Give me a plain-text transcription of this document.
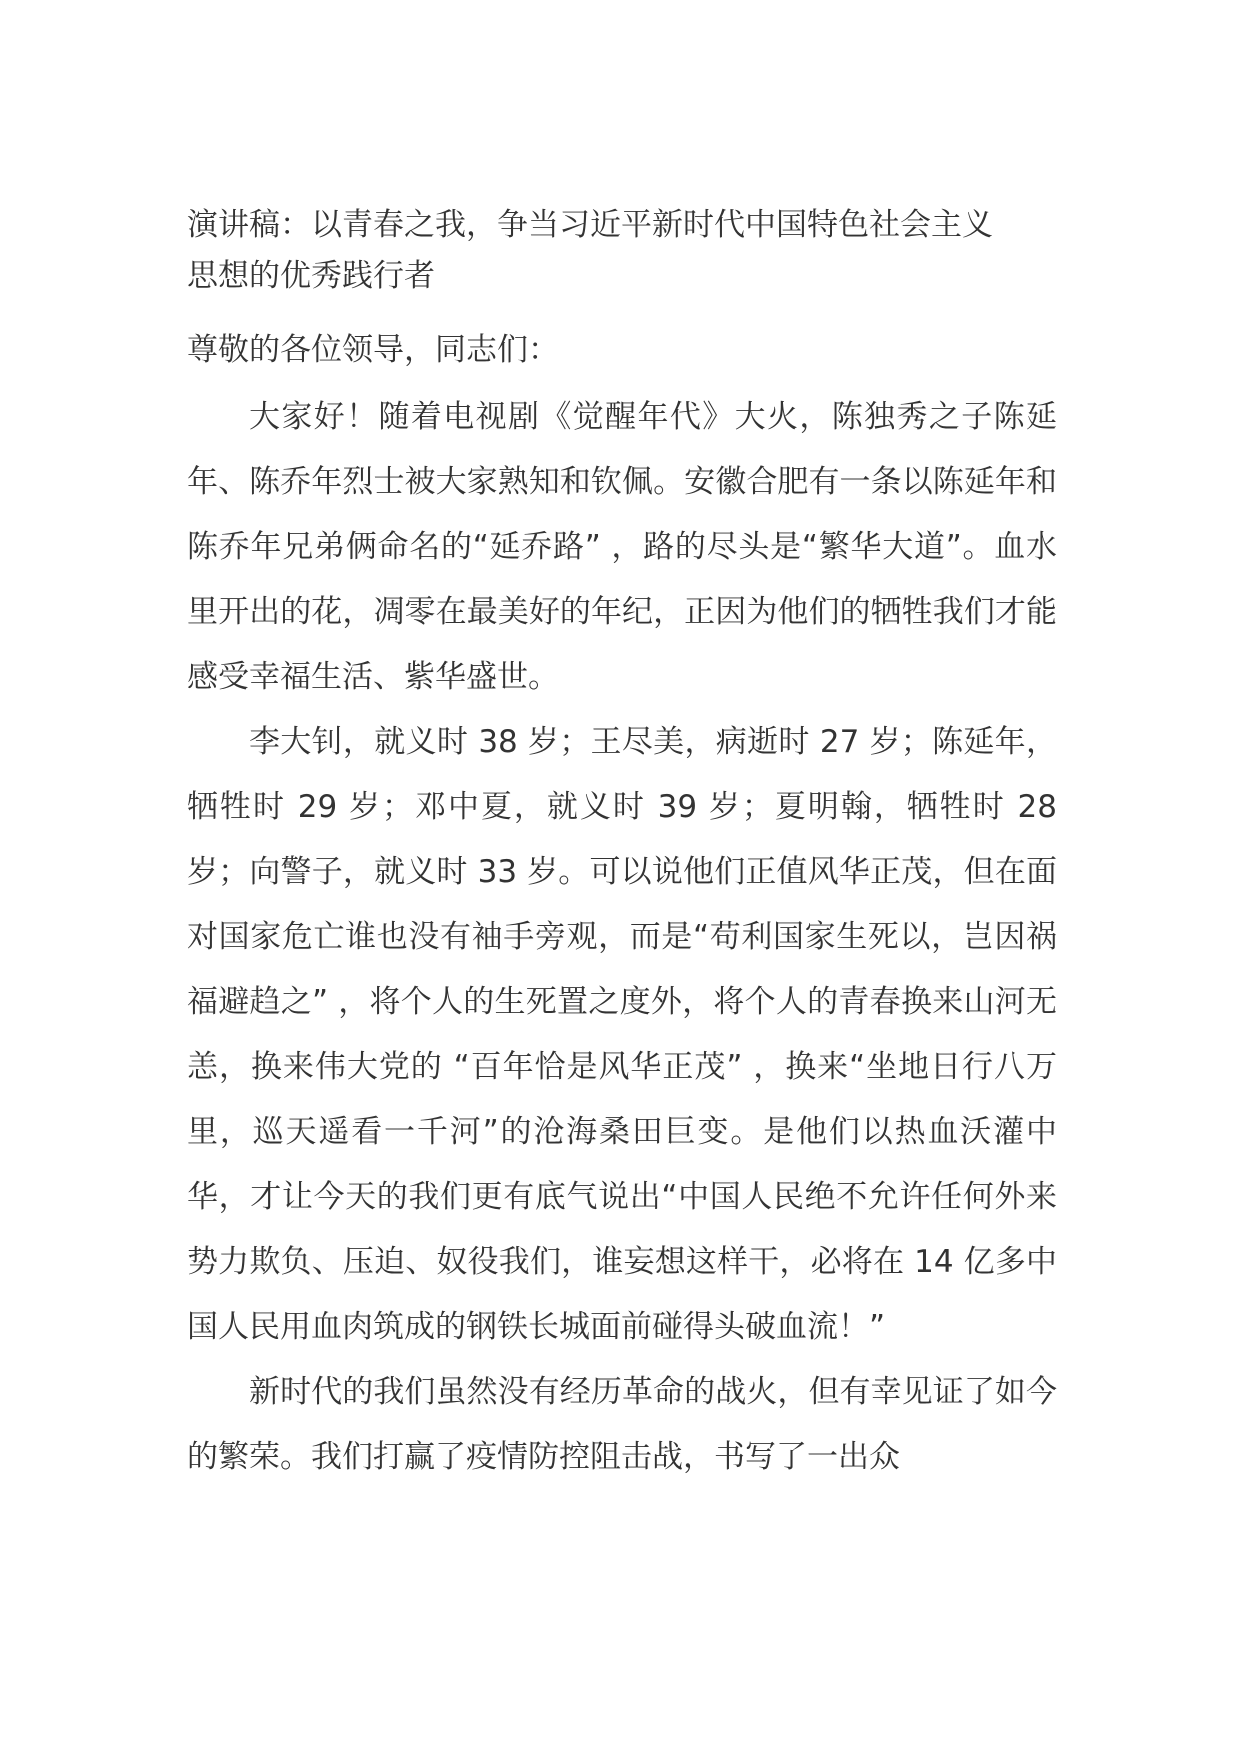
演讲稿：以青春之我，争当习近平新时代中国特色社会主义思想的优秀践行者

尊敬的各位领导，同志们：

大家好！随着电视剧《觉醒年代》大火，陈独秀之子陈延年、陈乔年烈士被大家熟知和钦佩。安徽合肥有一条以陈延年和陈乔年兄弟俩命名的“延乔路” ，路的尽头是“繁华大道”。血水里开出的花，凋零在最美好的年纪，正因为他们的牺牲我们才能感受幸福生活、紫华盛世。

李大钊，就义时 38 岁；王尽美，病逝时 27 岁；陈延年，牺牲时 29 岁；邓中夏，就义时 39 岁；夏明翰，牺牲时 28 岁；向警子，就义时 33 岁。可以说他们正值风华正茂，但在面对国家危亡谁也没有袖手旁观，而是“苟利国家生死以，岂因祸福避趋之” ，将个人的生死置之度外，将个人的青春换来山河无恙，换来伟大党的 “百年恰是风华正茂” ，换来“坐地日行八万里，巡天遥看一千河”的沧海桑田巨变。是他们以热血沃灌中华，才让今天的我们更有底气说出“中国人民绝不允许任何外来势力欺负、压迫、奴役我们，谁妄想这样干，必将在 14 亿多中国人民用血肉筑成的钢铁长城面前碰得头破血流！”

新时代的我们虽然没有经历革命的战火，但有幸见证了如今的繁荣。我们打赢了疫情防控阻击战，书写了一出众
